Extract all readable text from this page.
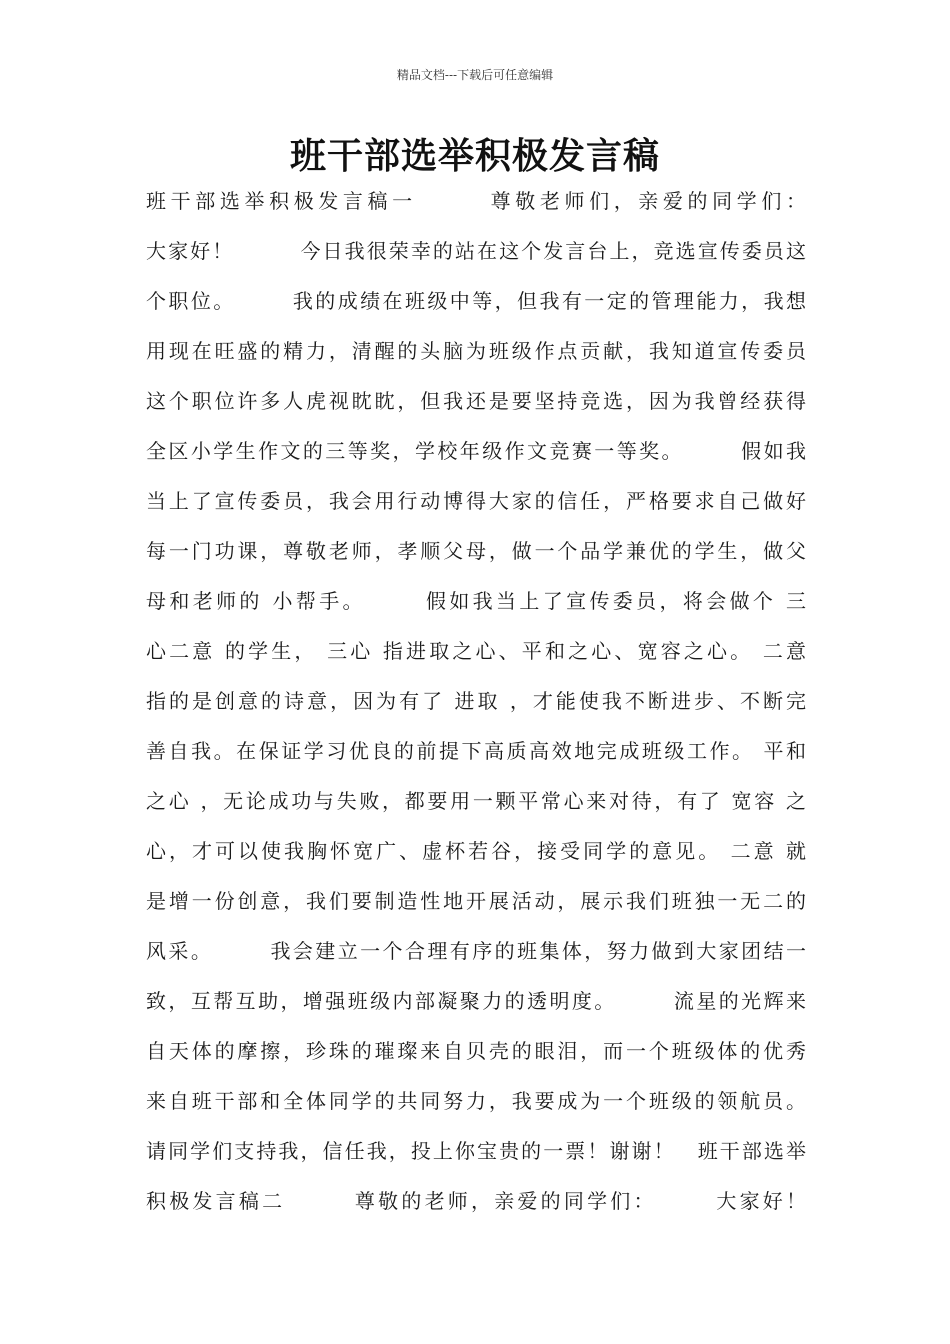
精品文档---下载后可任意编辑
班干部选举积极发言稿
班干部选举积极发言稿一　　　尊敬老师们，亲爱的同学们：
大家好！　　　今日我很荣幸的站在这个发言台上，竞选宣传委员这
个职位。　　　我的成绩在班级中等，但我有一定的管理能力，我想
用现在旺盛的精力，清醒的头脑为班级作点贡献，我知道宣传委员
这个职位许多人虎视眈眈，但我还是要坚持竞选，因为我曾经获得
全区小学生作文的三等奖，学校年级作文竞赛一等奖。　　　假如我
当上了宣传委员，我会用行动博得大家的信任，严格要求自己做好
每一门功课，尊敬老师，孝顺父母，做一个品学兼优的学生，做父
母和老师的 小帮手。　　　假如我当上了宣传委员，将会做个 三
心二意 的学生， 三心 指进取之心、平和之心、宽容之心。 二意
指的是创意的诗意，因为有了 进取 ，才能使我不断进步、不断完
善自我。在保证学习优良的前提下高质高效地完成班级工作。 平和
之心 ，无论成功与失败，都要用一颗平常心来对待，有了 宽容 之
心，才可以使我胸怀宽广、虚杯若谷，接受同学的意见。 二意 就
是增一份创意，我们要制造性地开展活动，展示我们班独一无二的
风采。　　　我会建立一个合理有序的班集体，努力做到大家团结一
致，互帮互助，增强班级内部凝聚力的透明度。　　　流星的光辉来
自天体的摩擦，珍珠的璀璨来自贝壳的眼泪，而一个班级体的优秀
来自班干部和全体同学的共同努力，我要成为一个班级的领航员。
请同学们支持我，信任我，投上你宝贵的一票！谢谢！　班干部选举
积极发言稿二　　　尊敬的老师，亲爱的同学们：　　　大家好！
